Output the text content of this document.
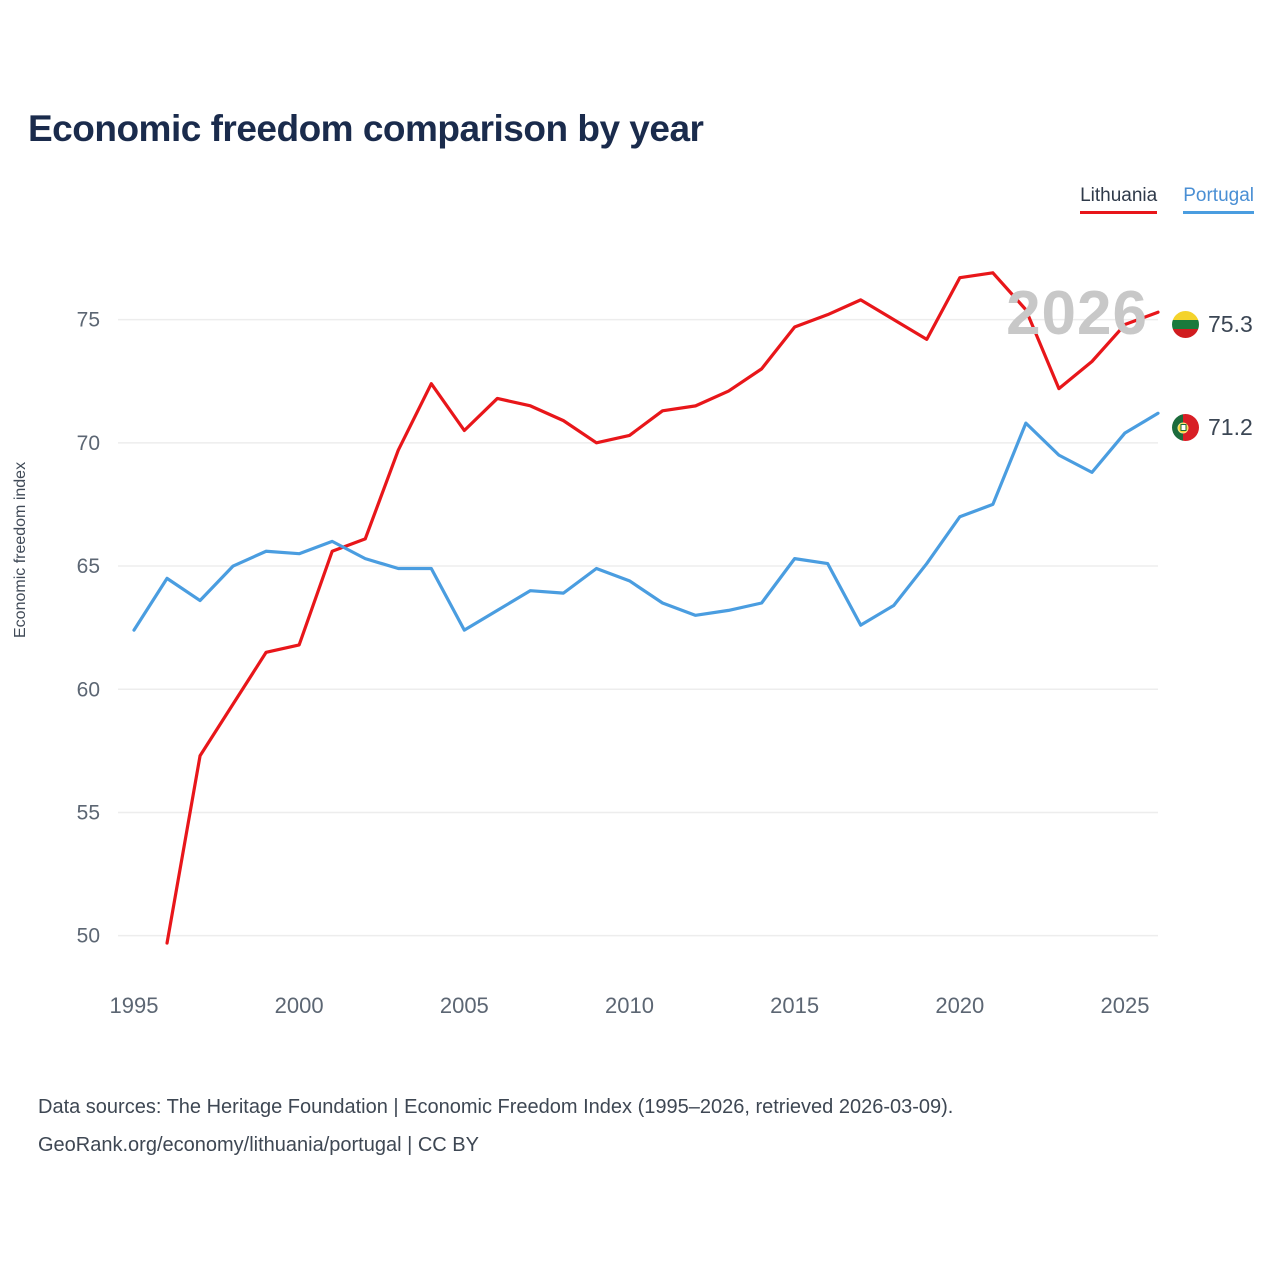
Economic freedom comparison by year
Lithuania Portugal
50
55
60
65
70
75
1995	2000	2005	2010	2015	2020	2025
Economic freedom index
2026	75.3
71.2
Data sources: The Heritage Foundation | Economic Freedom Index (1995–2026, retrieved 2026-03-09).
GeoRank.org/economy/lithuania/portugal | CC BY
